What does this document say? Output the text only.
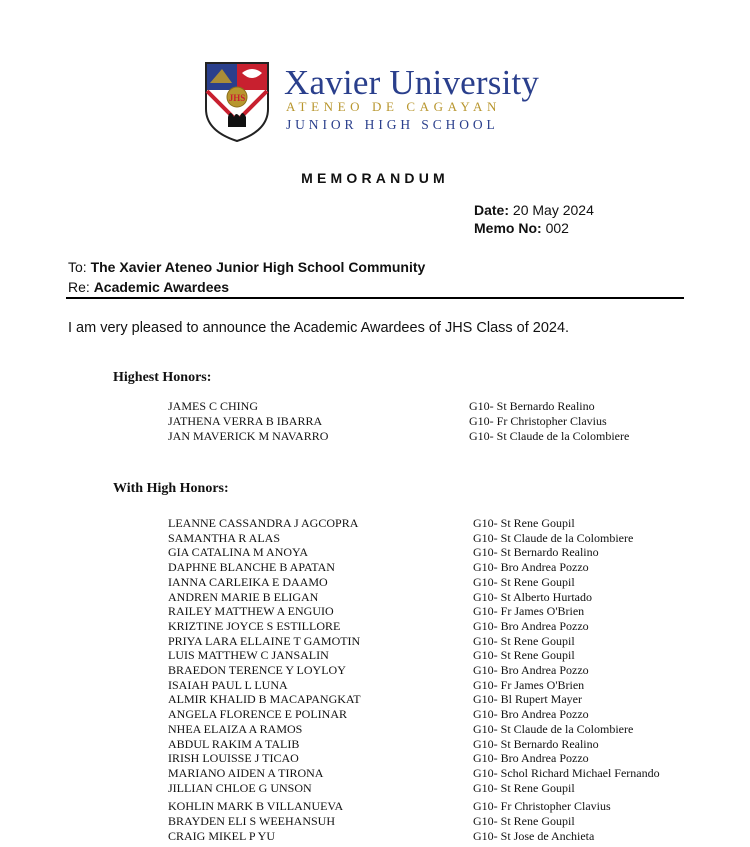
JHS Xavier University
ATENEO DE CAGAYAN
JUNIOR HIGH SCHOOL
MEMORANDUM
Date: 20 May 2024
Memo No: 002
To: The Xavier Ateneo Junior High School Community
Re: Academic Awardees
I am very pleased to announce the Academic Awardees of JHS Class of 2024.
Highest Honors:
JAMES C CHING	G10- St Bernardo Realino
JATHENA VERRA B IBARRA	G10- Fr Christopher Clavius
JAN MAVERICK M NAVARRO	G10- St Claude de la Colombiere
With High Honors:
LEANNE CASSANDRA J AGCOPRA	G10- St Rene Goupil
SAMANTHA R ALAS	G10- St Claude de la Colombiere
GIA CATALINA M ANOYA	G10- St Bernardo Realino
DAPHNE BLANCHE B APATAN	G10- Bro Andrea Pozzo
IANNA CARLEIKA E DAAMO	G10- St Rene Goupil
ANDREN MARIE B ELIGAN	G10- St Alberto Hurtado
RAILEY MATTHEW A ENGUIO	G10- Fr James O'Brien
KRIZTINE JOYCE S ESTILLORE	G10- Bro Andrea Pozzo
PRIYA LARA ELLAINE T GAMOTIN	G10- St Rene Goupil
LUIS MATTHEW C JANSALIN	G10- St Rene Goupil
BRAEDON TERENCE Y LOYLOY	G10- Bro Andrea Pozzo
ISAIAH PAUL L LUNA	G10- Fr James O'Brien
ALMIR KHALID B MACAPANGKAT	G10- Bl Rupert Mayer
ANGELA FLORENCE E POLINAR	G10- Bro Andrea Pozzo
NHEA ELAIZA A RAMOS	G10- St Claude de la Colombiere
ABDUL RAKIM A TALIB	G10- St Bernardo Realino
IRISH LOUISSE J TICAO	G10- Bro Andrea Pozzo
MARIANO AIDEN A TIRONA	G10- Schol Richard Michael Fernando
JILLIAN CHLOE G UNSON	G10- St Rene Goupil
KOHLIN MARK B VILLANUEVA	G10- Fr Christopher Clavius
BRAYDEN ELI S WEEHANSUH	G10- St Rene Goupil
CRAIG MIKEL P YU	G10- St Jose de Anchieta
